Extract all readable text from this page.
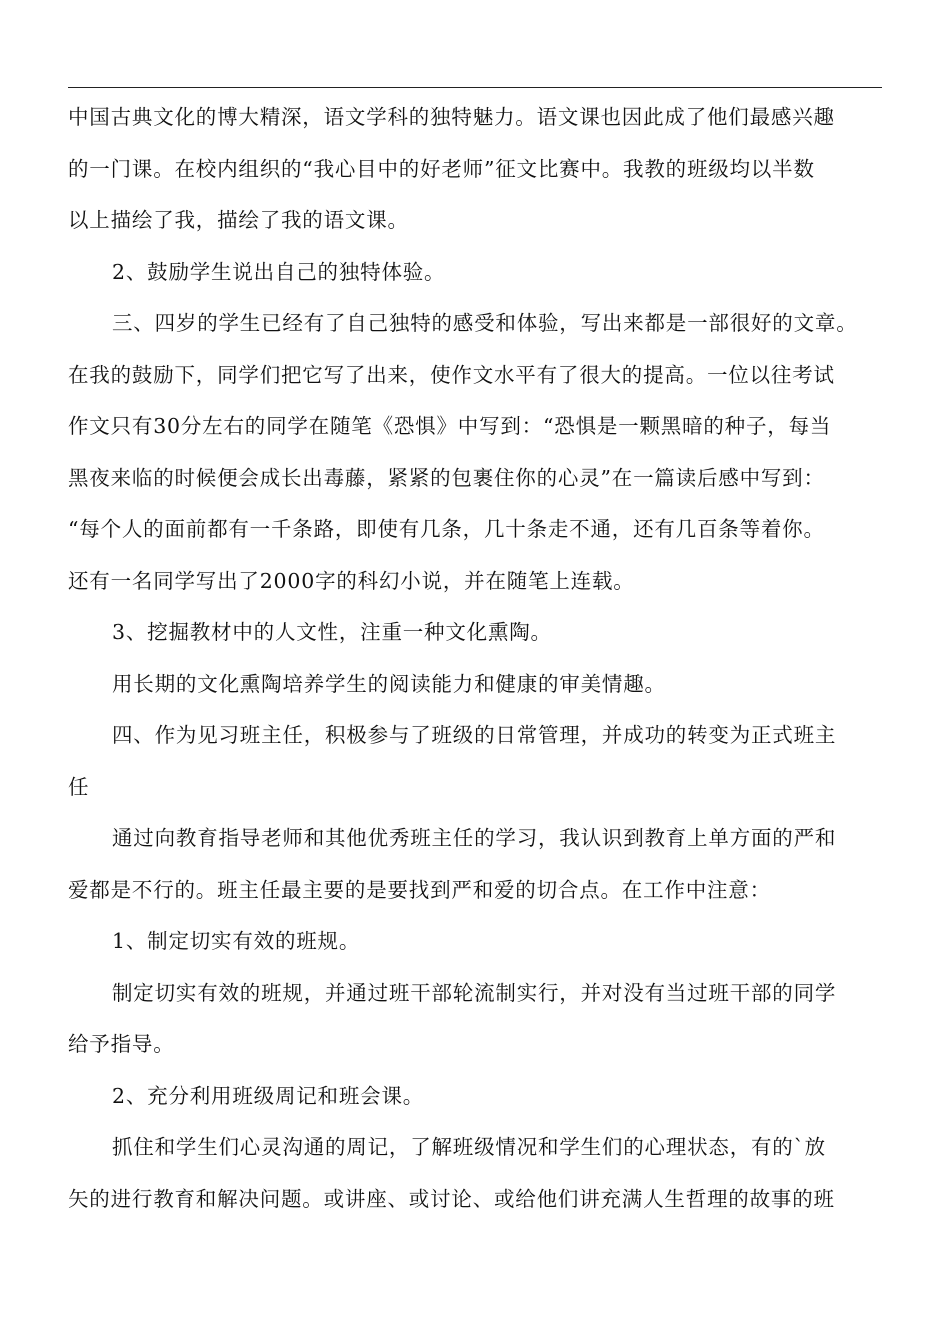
中国古典文化的博大精深，语文学科的独特魅力。语文课也因此成了他们最感兴趣
的一门课。在校内组织的“我心目中的好老师”征文比赛中。我教的班级均以半数
以上描绘了我，描绘了我的语文课。

2、鼓励学生说出自己的独特体验。

三、四岁的学生已经有了自己独特的感受和体验，写出来都是一部很好的文章。
在我的鼓励下，同学们把它写了出来，使作文水平有了很大的提高。一位以往考试
作文只有30分左右的同学在随笔《恐惧》中写到：“恐惧是一颗黑暗的种子，每当
黑夜来临的时候便会成长出毒藤，紧紧的包裹住你的心灵”在一篇读后感中写到：
“每个人的面前都有一千条路，即使有几条，几十条走不通，还有几百条等着你。
还有一名同学写出了2000字的科幻小说，并在随笔上连载。

3、挖掘教材中的人文性，注重一种文化熏陶。

用长期的文化熏陶培养学生的阅读能力和健康的审美情趣。

四、作为见习班主任，积极参与了班级的日常管理，并成功的转变为正式班主
任

通过向教育指导老师和其他优秀班主任的学习，我认识到教育上单方面的严和
爱都是不行的。班主任最主要的是要找到严和爱的切合点。在工作中注意：

1、制定切实有效的班规。

制定切实有效的班规，并通过班干部轮流制实行，并对没有当过班干部的同学
给予指导。

2、充分利用班级周记和班会课。

抓住和学生们心灵沟通的周记，了解班级情况和学生们的心理状态，有的`放
矢的进行教育和解决问题。或讲座、或讨论、或给他们讲充满人生哲理的故事的班
